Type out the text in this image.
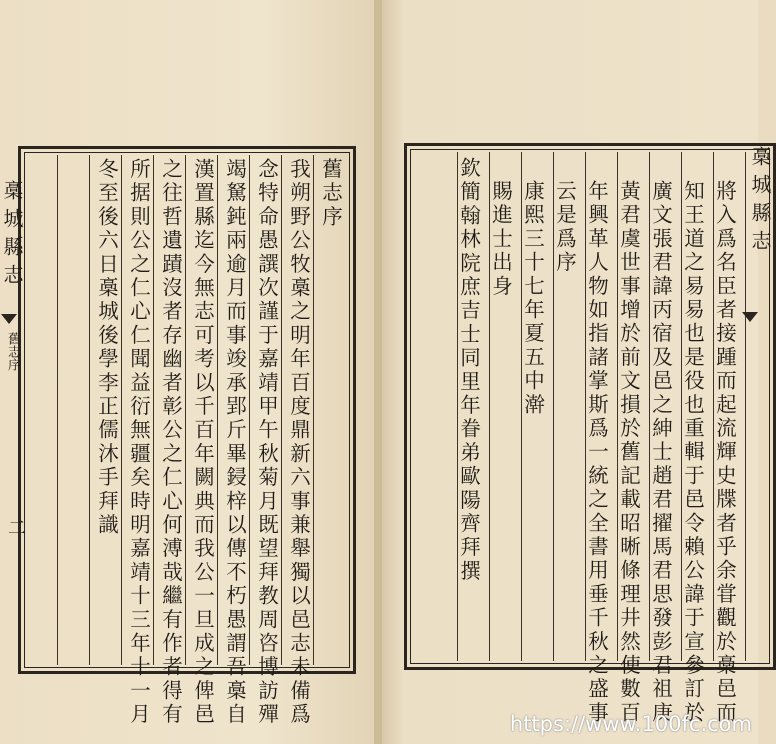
槀城縣志
舊志序
二
舊志序
我朔野公牧槀之明年百度鼎新六事兼舉獨以邑志未備爲
念特命愚譔次謹于嘉靖甲午秋菊月既望拜教周咨博訪殫
竭駑鈍兩逾月而事竣承郢斤畢鋟梓以傳不朽愚謂吾槀自
漢置縣迄今無志可考以千百年闕典而我公一旦成之俾邑
之往哲遺蹟沒者存幽者彰公之仁心何溥哉繼有作者得有
所据則公之仁心仁聞益衍無疆矣時明嘉靖十三年十一月
冬至後六日槀城後學李正儒沐手拜識	將入爲名臣者接踵而起流輝史牒者乎余甞觀於槀邑而
知王道之易易也是役也重輯于邑令賴公諱于宣參訂於
廣文張君諱丙宿及邑之紳士趙君擢馬君思發彭君祖庚
黃君虞世事增於前文損於舊記載昭晰條理井然使數百
年興革人物如指諸掌斯爲一統之全書用垂千秋之盛事
云是爲序
康熙三十七年夏五中澣
賜進士出身
欽簡翰林院庶吉士同里年眷弟歐陽齊拜撰	槀城縣志
https://www.100fc.com
